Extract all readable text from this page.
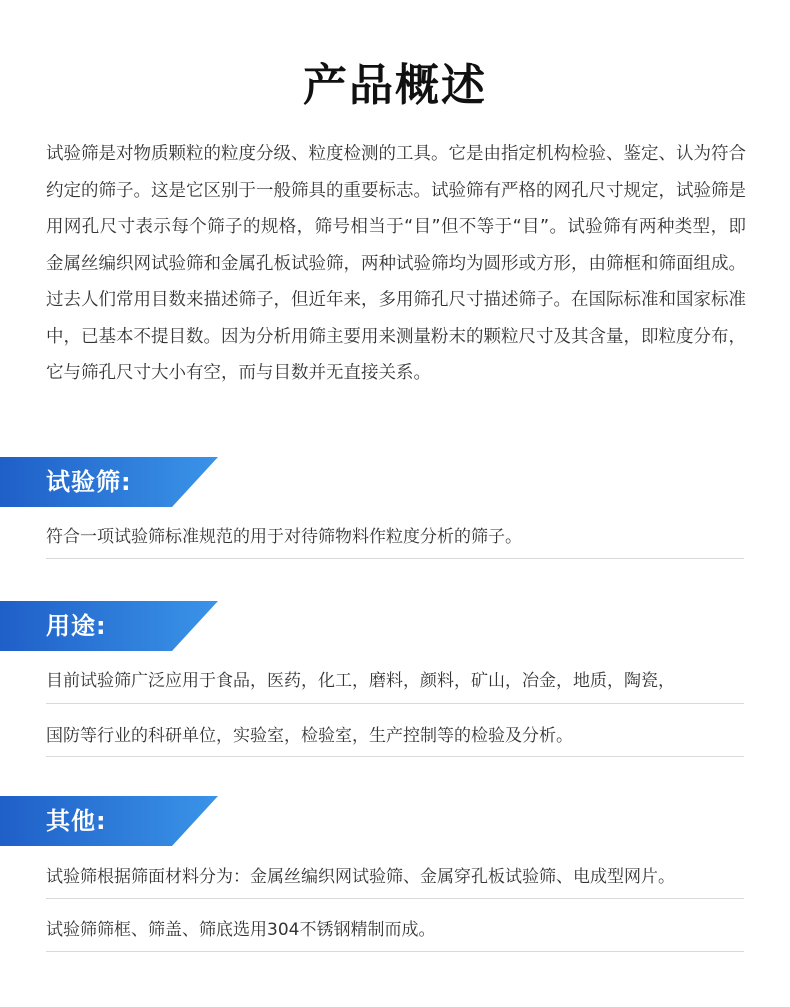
产品概述
试验筛是对物质颗粒的粒度分级、粒度检测的工具。它是由指定机构检验、鉴定、认为符合约定的筛子。这是它区别于一般筛具的重要标志。试验筛有严格的网孔尺寸规定，试验筛是用网孔尺寸表示每个筛子的规格，筛号相当于“目”但不等于“目”。试验筛有两种类型，即金属丝编织网试验筛和金属孔板试验筛，两种试验筛均为圆形或方形，由筛框和筛面组成。过去人们常用目数来描述筛子，但近年来，多用筛孔尺寸描述筛子。在国际标准和国家标准中，已基本不提目数。因为分析用筛主要用来测量粉末的颗粒尺寸及其含量，即粒度分布，它与筛孔尺寸大小有空，而与目数并无直接关系。
试验筛:
符合一项试验筛标准规范的用于对待筛物料作粒度分析的筛子。
用途:
目前试验筛广泛应用于食品，医药，化工，磨料，颜料，矿山，冶金，地质，陶瓷，
国防等行业的科研单位，实验室，检验室，生产控制等的检验及分析。
其他:
试验筛根据筛面材料分为：金属丝编织网试验筛、金属穿孔板试验筛、电成型网片。
试验筛筛框、筛盖、筛底选用304不锈钢精制而成。
